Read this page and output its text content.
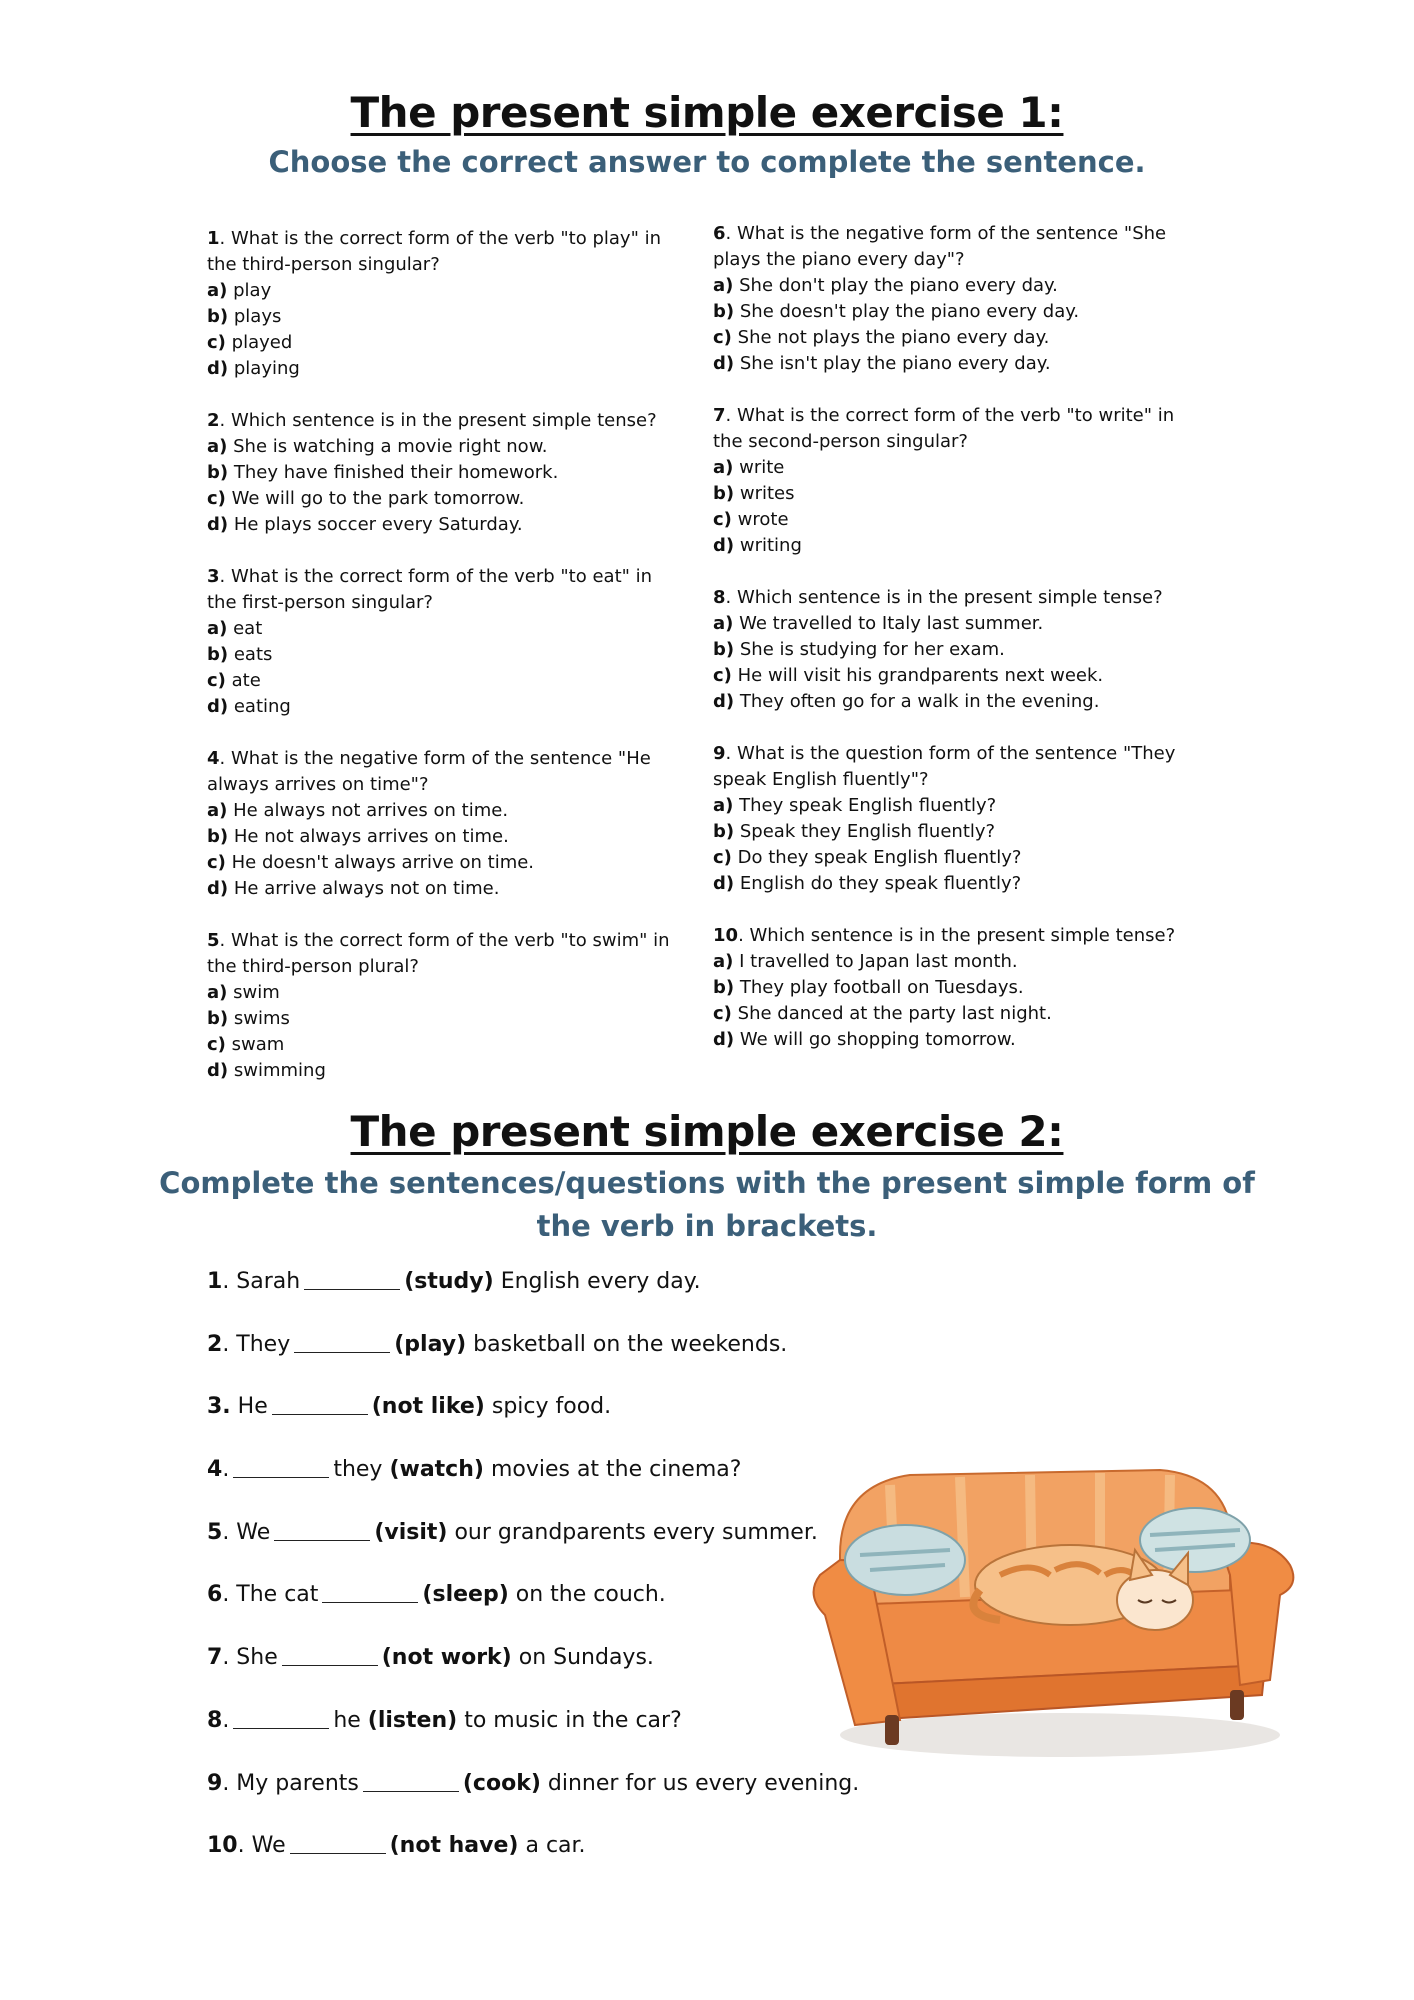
The present simple exercise 1:
Choose the correct answer to complete the sentence.

1. What is the correct form of the verb "to play" in the third-person singular?

a) play

b) plays

c) played

d) playing

2. Which sentence is in the present simple tense?

a) She is watching a movie right now.

b) They have finished their homework.

c) We will go to the park tomorrow.

d) He plays soccer every Saturday.

3. What is the correct form of the verb "to eat" in the first-person singular?

a) eat

b) eats

c) ate

d) eating

4. What is the negative form of the sentence "He always arrives on time"?

a) He always not arrives on time.

b) He not always arrives on time.

c) He doesn't always arrive on time.

d) He arrive always not on time.

5. What is the correct form of the verb "to swim" in the third-person plural?

a) swim

b) swims

c) swam

d) swimming

6. What is the negative form of the sentence "She plays the piano every day"?

a) She don't play the piano every day.

b) She doesn't play the piano every day.

c) She not plays the piano every day.

d) She isn't play the piano every day.

7. What is the correct form of the verb "to write" in the second-person singular?

a) write

b) writes

c) wrote

d) writing

8. Which sentence is in the present simple tense?

a) We travelled to Italy last summer.

b) She is studying for her exam.

c) He will visit his grandparents next week.

d) They often go for a walk in the evening.

9. What is the question form of the sentence "They speak English fluently"?

a) They speak English fluently?

b) Speak they English fluently?

c) Do they speak English fluently?

d) English do they speak fluently?

10. Which sentence is in the present simple tense?

a) I travelled to Japan last month.

b) They play football on Tuesdays.

c) She danced at the party last night.

d) We will go shopping tomorrow.

The present simple exercise 2:
Complete the sentences/questions with the present simple form of
the verb in brackets.
1. Sarah	(study) English every day.
2. They	(play) basketball on the weekends.
3. He	(not like) spicy food.
4.	they (watch) movies at the cinema?
5. We	(visit) our grandparents every summer.
6. The cat	(sleep) on the couch.
7. She	(not work) on Sundays.
8.	he (listen) to music in the car?
9. My parents	(cook) dinner for us every evening.
10. We	(not have) a car.
